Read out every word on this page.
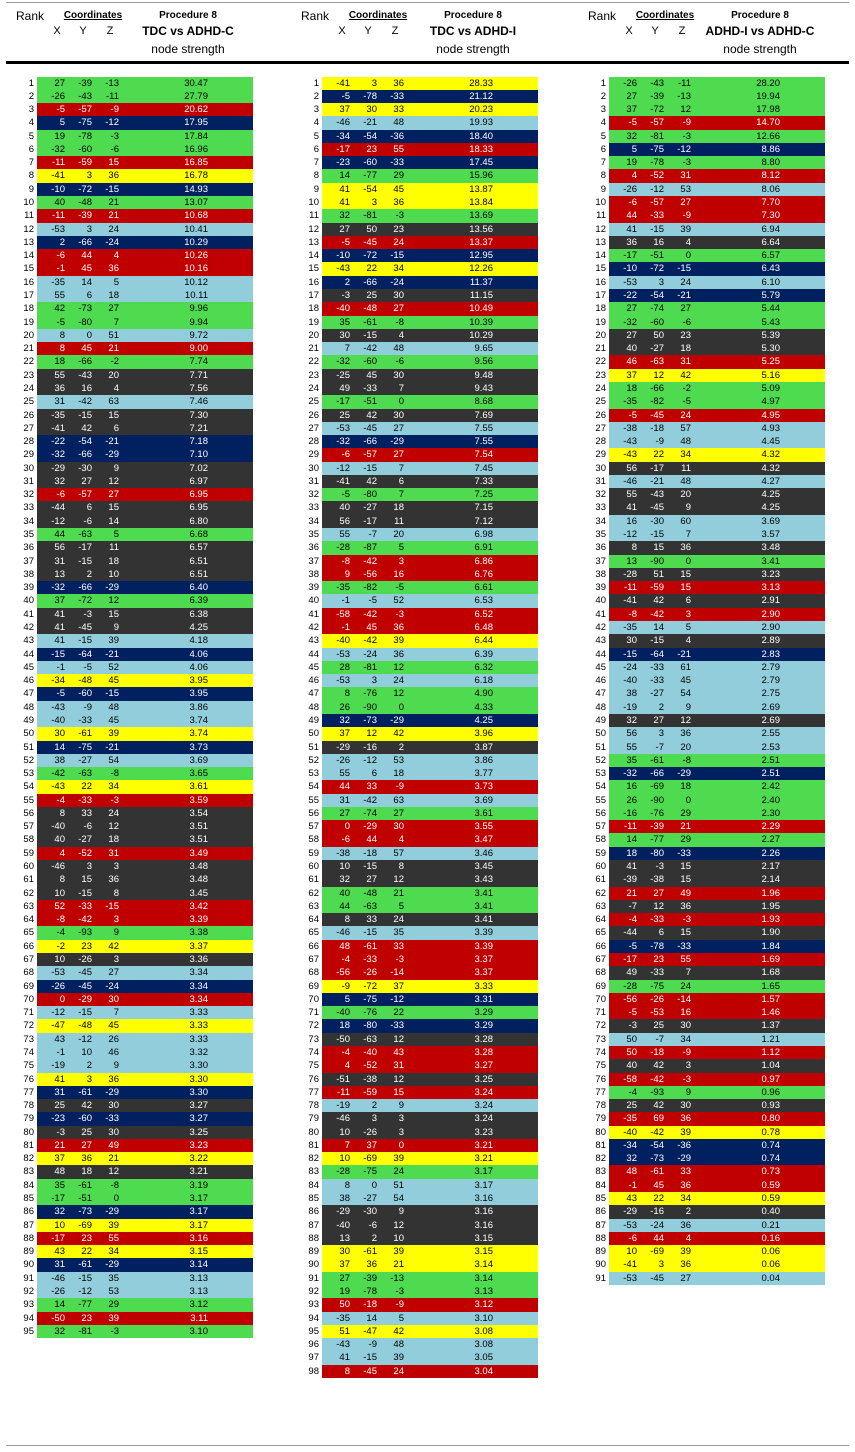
Rank	Coordinates
X	Y	Z
Procedure 8
TDC vs ADHD-C
node strength
1	27	-39	-13	30.47
2	-26	-43	-11	27.79
3	-5	-57	-9	20.62
4	5	-75	-12	17.95
5	19	-78	-3	17.84
6	-32	-60	-6	16.96
7	-11	-59	15	16.85
8	-41	3	36	16.78
9	-10	-72	-15	14.93
10	40	-48	21	13.07
11	-11	-39	21	10.68
12	-53	3	24	10.41
13	2	-66	-24	10.29
14	-6	44	4	10.26
15	-1	45	36	10.16
16	-35	14	5	10.12
17	55	6	18	10.11
18	42	-73	27	9.96
19	-5	-80	7	9.94
20	8	0	51	9.72
21	8	45	21	9.00
22	18	-66	-2	7.74
23	55	-43	20	7.71
24	36	16	4	7.56
25	31	-42	63	7.46
26	-35	-15	15	7.30
27	-41	42	6	7.21
28	-22	-54	-21	7.18
29	-32	-66	-29	7.10
30	-29	-30	9	7.02
31	32	27	12	6.97
32	-6	-57	27	6.95
33	-44	6	15	6.95
34	-12	-6	14	6.80
35	44	-63	5	6.68
36	56	-17	11	6.57
37	31	-15	18	6.51
38	13	2	10	6.51
39	-32	-66	-29	6.40
40	37	-72	12	6.39
41	41	-3	15	6.38
42	41	-45	9	4.25
43	41	-15	39	4.18
44	-15	-64	-21	4.06
45	-1	-5	52	4.06
46	-34	-48	45	3.95
47	-5	-60	-15	3.95
48	-43	-9	48	3.86
49	-40	-33	45	3.74
50	30	-61	39	3.74
51	14	-75	-21	3.73
52	38	-27	54	3.69
53	-42	-63	-8	3.65
54	-43	22	34	3.61
55	-4	-33	-3	3.59
56	8	33	24	3.54
57	-40	-6	12	3.51
58	40	-27	18	3.51
59	4	-52	31	3.49
60	-46	3	3	3.48
61	8	15	36	3.48
62	10	-15	8	3.45
63	52	-33	-15	3.42
64	-8	-42	3	3.39
65	-4	-93	9	3.38
66	-2	23	42	3.37
67	10	-26	3	3.36
68	-53	-45	27	3.34
69	-26	-45	-24	3.34
70	0	-29	30	3.34
71	-12	-15	7	3.33
72	-47	-48	45	3.33
73	43	-12	26	3.33
74	-1	10	46	3.32
75	-19	2	9	3.30
76	41	3	36	3.30
77	31	-61	-29	3.30
78	25	42	30	3.27
79	-23	-60	-33	3.27
80	-3	25	30	3.25
81	21	27	49	3.23
82	37	36	21	3.22
83	48	18	12	3.21
84	35	-61	-8	3.19
85	-17	-51	0	3.17
86	32	-73	-29	3.17
87	10	-69	39	3.17
88	-17	23	55	3.16
89	43	22	34	3.15
90	31	-61	-29	3.14
91	-46	-15	35	3.13
92	-26	-12	53	3.13
93	14	-77	29	3.12
94	-50	23	39	3.11
95	32	-81	-3	3.10
Rank	Coordinates
X	Y	Z
Procedure 8
TDC vs ADHD-I
node strength
1	-41	3	36	28.33
2	-5	-78	-33	21.12
3	37	30	33	20.23
4	-46	-21	48	19.93
5	-34	-54	-36	18.40
6	-17	23	55	18.33
7	-23	-60	-33	17.45
8	14	-77	29	15.96
9	41	-54	45	13.87
10	41	3	36	13.84
11	32	-81	-3	13.69
12	27	50	23	13.56
13	-5	-45	24	13.37
14	-10	-72	-15	12.95
15	-43	22	34	12.26
16	2	-66	-24	11.37
17	-3	25	30	11.15
18	-40	-48	27	10.49
19	35	-61	-8	10.39
20	30	-15	4	10.29
21	7	-42	48	9.65
22	-32	-60	-6	9.56
23	-25	45	30	9.48
24	49	-33	7	9.43
25	-17	-51	0	8.68
26	25	42	30	7.69
27	-53	-45	27	7.55
28	-32	-66	-29	7.55
29	-6	-57	27	7.54
30	-12	-15	7	7.45
31	-41	42	6	7.33
32	-5	-80	7	7.25
33	40	-27	18	7.15
34	56	-17	11	7.12
35	55	-7	20	6.98
36	-28	-87	5	6.91
37	-8	-42	3	6.86
38	9	-56	16	6.76
39	-35	-82	-5	6.61
40	-1	-5	52	6.53
41	-58	-42	-3	6.52
42	-1	45	36	6.48
43	-40	-42	39	6.44
44	-53	-24	36	6.39
45	28	-81	12	6.32
46	-53	3	24	6.18
47	8	-76	12	4.90
48	26	-90	0	4.33
49	32	-73	-29	4.25
50	37	12	42	3.96
51	-29	-16	2	3.87
52	-26	-12	53	3.86
53	55	6	18	3.77
54	44	33	-9	3.73
55	31	-42	63	3.69
56	27	-74	27	3.61
57	0	-29	30	3.55
58	-6	44	4	3.47
59	-38	-18	57	3.46
60	10	-15	8	3.45
61	32	27	12	3.43
62	40	-48	21	3.41
63	44	-63	5	3.41
64	8	33	24	3.41
65	-46	-15	35	3.39
66	48	-61	33	3.39
67	-4	-33	-3	3.37
68	-56	-26	-14	3.37
69	-9	-72	37	3.33
70	5	-75	-12	3.31
71	-40	-76	22	3.29
72	18	-80	-33	3.29
73	-50	-63	12	3.28
74	-4	-40	43	3.28
75	4	-52	31	3.27
76	-51	-38	12	3.25
77	-11	-59	15	3.24
78	-19	2	9	3.24
79	-46	3	3	3.24
80	10	-26	3	3.23
81	7	37	0	3.21
82	10	-69	39	3.21
83	-28	-75	24	3.17
84	8	0	51	3.17
85	38	-27	54	3.16
86	-29	-30	9	3.16
87	-40	-6	12	3.16
88	13	2	10	3.15
89	30	-61	39	3.15
90	37	36	21	3.14
91	27	-39	-13	3.14
92	19	-78	-3	3.13
93	50	-18	-9	3.12
94	-35	14	5	3.10
95	51	-47	42	3.08
96	-43	-9	48	3.08
97	41	-15	39	3.05
98	8	-45	24	3.04
Rank	Coordinates
X	Y	Z
Procedure 8
ADHD-I vs ADHD-C
node strength
1	-26	-43	-11	28.20
2	27	-39	-13	19.94
3	37	-72	12	17.98
4	-5	-57	-9	14.70
5	32	-81	-3	12.66
6	5	-75	-12	8.86
7	19	-78	-3	8.80
8	4	-52	31	8.12
9	-26	-12	53	8.06
10	-6	-57	27	7.70
11	44	-33	-9	7.30
12	41	-15	39	6.94
13	36	16	4	6.64
14	-17	-51	0	6.57
15	-10	-72	-15	6.43
16	-53	3	24	6.10
17	-22	-54	-21	5.79
18	27	-74	27	5.44
19	-32	-60	-6	5.43
20	27	50	23	5.39
21	40	-27	18	5.30
22	46	-63	31	5.25
23	37	12	42	5.16
24	18	-66	-2	5.09
25	-35	-82	-5	4.97
26	-5	-45	24	4.95
27	-38	-18	57	4.93
28	-43	-9	48	4.45
29	-43	22	34	4.32
30	56	-17	11	4.32
31	-46	-21	48	4.27
32	55	-43	20	4.25
33	41	-45	9	4.25
34	16	-30	60	3.69
35	-12	-15	7	3.57
36	8	15	36	3.48
37	13	-90	0	3.41
38	-28	51	15	3.23
39	-11	-59	15	3.13
40	-41	42	6	2.91
41	-8	-42	3	2.90
42	-35	14	5	2.90
43	30	-15	4	2.89
44	-15	-64	-21	2.83
45	-24	-33	61	2.79
46	-40	-33	45	2.79
47	38	-27	54	2.75
48	-19	2	9	2.69
49	32	27	12	2.69
50	56	3	36	2.55
51	55	-7	20	2.53
52	35	-61	-8	2.51
53	-32	-66	-29	2.51
54	16	-69	18	2.42
55	26	-90	0	2.40
56	-16	-76	29	2.30
57	-11	-39	21	2.29
58	14	-77	29	2.27
59	18	-80	-33	2.26
60	41	-3	15	2.17
61	-39	-38	15	2.14
62	21	27	49	1.96
63	-7	12	36	1.95
64	-4	-33	-3	1.93
65	-44	6	15	1.90
66	-5	-78	-33	1.84
67	-17	23	55	1.69
68	49	-33	7	1.68
69	-28	-75	24	1.65
70	-56	-26	-14	1.57
71	-5	-53	16	1.46
72	-3	25	30	1.37
73	50	-7	34	1.21
74	50	-18	-9	1.12
75	40	42	3	1.04
76	-58	-42	-3	0.97
77	-4	-93	9	0.96
78	25	42	30	0.93
79	-35	69	36	0.80
80	-40	-42	39	0.78
81	-34	-54	-36	0.74
82	32	-73	-29	0.74
83	48	-61	33	0.73
84	-1	45	36	0.59
85	43	22	34	0.59
86	-29	-16	2	0.40
87	-53	-24	36	0.21
88	-6	44	4	0.16
89	10	-69	39	0.06
90	-41	3	36	0.06
91	-53	-45	27	0.04
